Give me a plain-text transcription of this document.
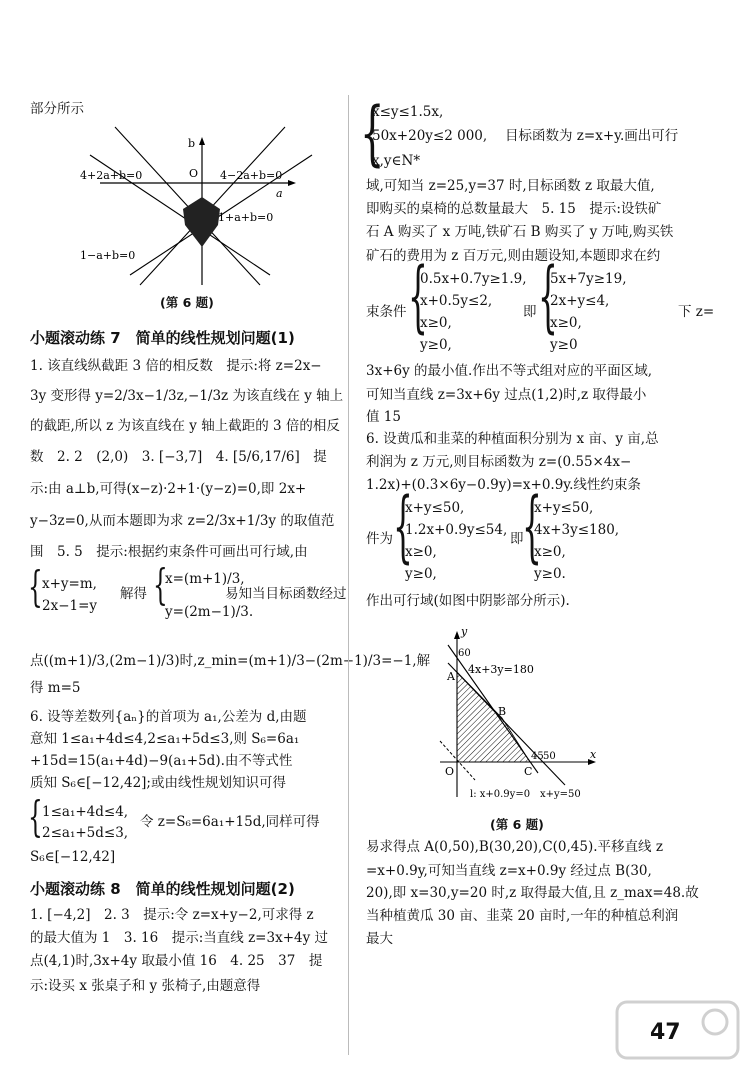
部分所示
b
O
a
4+2a+b=0	4−2a+b=0
1+a+b=0
1−a+b=0
(第 6 题)
小题滚动练 7　简单的线性规划问题(1)
1. 该直线纵截距 3 倍的相反数　提示:将 z=2x−
3y 变形得 y=2/3x−1/3z,−1/3z 为该直线在 y 轴上
的截距,所以 z 为该直线在 y 轴上截距的 3 倍的相反
数　2. 2　(2,0)　3. [−3,7]　4. [5/6,17/6]　提
示:由 a⊥b,可得(x−z)·2+1·(y−z)=0,即 2x+
y−3z=0,从而本题即为求 z=2/3x+1/3y 的取值范
围　5. 5　提示:根据约束条件可画出可行域,由
{ x+y=m,
2x−1=y
解得 {
x=(m+1)/3,
y=(2m−1)/3.
易知当目标函数经过
点((m+1)/3,(2m−1)/3)时,z_min=(m+1)/3−(2m−1)/3=−1,解
得 m=5
6. 设等差数列{aₙ}的首项为 a₁,公差为 d,由题
意知 1≤a₁+4d≤4,2≤a₁+5d≤3,则 S₆=6a₁
+15d=15(a₁+4d)−9(a₁+5d).由不等式性
质知 S₆∈[−12,42];或由线性规划知识可得
{ 1≤a₁+4d≤4,
2≤a₁+5d≤3,
令 z=S₆=6a₁+15d,同样可得
S₆∈[−12,42]
小题滚动练 8　简单的线性规划问题(2)
1. [−4,2]　2. 3　提示:令 z=x+y−2,可求得 z
的最大值为 1　3. 16　提示:当直线 z=3x+4y 过
点(4,1)时,3x+4y 取最小值 16　4. 25　37　提
示:设买 x 张桌子和 y 张椅子,由题意得
{
x≤y≤1.5x,
50x+20y≤2 000, 目标函数为 z=x+y.画出可行
x,y∈N*
域,可知当 z=25,y=37 时,目标函数 z 取最大值,
即购买的桌椅的总数量最大　5. 15　提示:设铁矿
石 A 购买了 x 万吨,铁矿石 B 购买了 y 万吨,购买铁
矿石的费用为 z 百万元,则由题设知,本题即求在约
束条件 {
0.5x+0.7y≥1.9,
x+0.5y≤2,
x≥0,
y≥0,
即 {
5x+7y≥19,
2x+y≤4,
x≥0,
y≥0
下 z=
3x+6y 的最小值.作出不等式组对应的平面区域,
可知当直线 z=3x+6y 过点(1,2)时,z 取得最小
值 15
6. 设黄瓜和韭菜的种植面积分别为 x 亩、y 亩,总
利润为 z 万元,则目标函数为 z=(0.55×4x−
1.2x)+(0.3×6y−0.9y)=x+0.9y.线性约束条
件为 {
x+y≤50,
1.2x+0.9y≤54,
x≥0,
y≥0,
即
{
x+y≤50,
4x+3y≤180,
x≥0,
y≥0.
作出可行域(如图中阴影部分所示).
y
x
O
A
B
C
60
45 50
4x+3y=180
l: x+0.9y=0 x+y=50
(第 6 题)
易求得点 A(0,50),B(30,20),C(0,45).平移直线 z
=x+0.9y,可知当直线 z=x+0.9y 经过点 B(30,
20),即 x=30,y=20 时,z 取得最大值,且 z_max=48.故
当种植黄瓜 30 亩、韭菜 20 亩时,一年的种植总利润
最大
47
